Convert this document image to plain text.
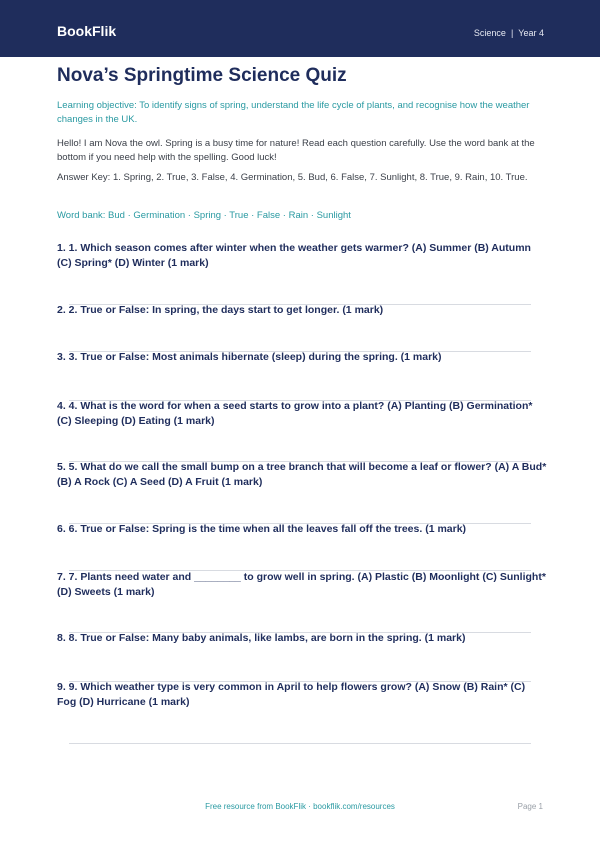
BookFlik	Science | Year 4
Nova’s Springtime Science Quiz

Learning objective: To identify signs of spring, understand the life cycle of plants, and recognise how the weather changes in the UK.

Hello! I am Nova the owl. Spring is a busy time for nature! Read each question carefully. Use the word bank at the bottom if you need help with the spelling. Good luck!

Answer Key: 1. Spring, 2. True, 3. False, 4. Germination, 5. Bud, 6. False, 7. Sunlight, 8. True, 9. Rain, 10. True.

Word bank: Bud · Germination · Spring · True · False · Rain · Sunlight

1. 1. Which season comes after winter when the weather gets warmer? (A) Summer (B) Autumn (C) Spring* (D) Winter (1 mark)

2. 2. True or False: In spring, the days start to get longer. (1 mark)

3. 3. True or False: Most animals hibernate (sleep) during the spring. (1 mark)

4. 4. What is the word for when a seed starts to grow into a plant? (A) Planting (B) Germination* (C) Sleeping (D) Eating (1 mark)

5. 5. What do we call the small bump on a tree branch that will become a leaf or flower? (A) A Bud* (B) A Rock (C) A Seed (D) A Fruit (1 mark)

6. 6. True or False: Spring is the time when all the leaves fall off the trees. (1 mark)

7. 7. Plants need water and ________ to grow well in spring. (A) Plastic (B) Moonlight (C) Sunlight* (D) Sweets (1 mark)

8. 8. True or False: Many baby animals, like lambs, are born in the spring. (1 mark)

9. 9. Which weather type is very common in April to help flowers grow? (A) Snow (B) Rain* (C) Fog (D) Hurricane (1 mark)

Free resource from BookFlik · bookflik.com/resources	Page 1
